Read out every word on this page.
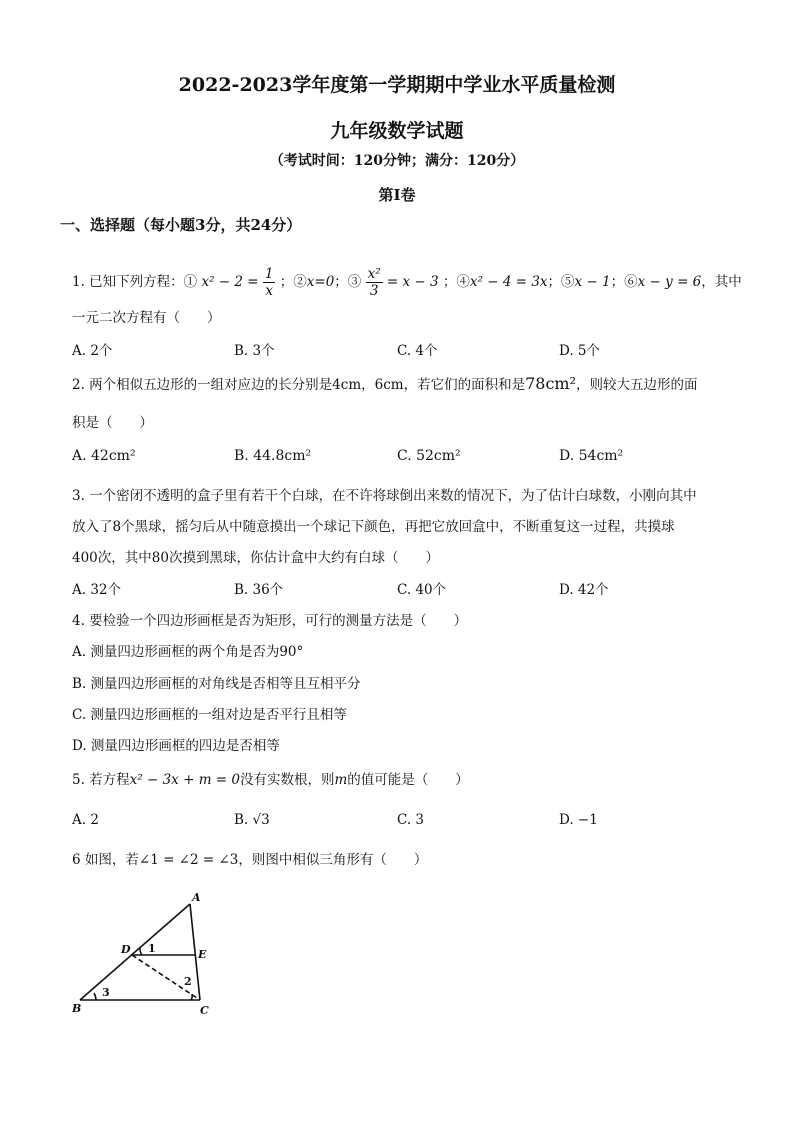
2022-2023学年度第一学期期中学业水平质量检测
九年级数学试题
（考试时间：120分钟；满分：120分）
第I卷
一、选择题（每小题3分，共24分）
1. 已知下列方程：① $x^2 - 2 = \frac{1}{x}$ ；②x=0；③ $\frac{\text{x²}}{3} = x - 3$ ；④x² − 4 = 3x；⑤x − 1；⑥x − y = 6，其中
一元二次方程有（　　）
A. 2个	B. 3个	C. 4个	D. 5个
2. 两个相似五边形的一组对应边的长分别是4cm，6cm，若它们的面积和是78cm²，则较大五边形的面
积是（　　）
A. 42cm²	B. 44.8cm²	C. 52cm²	D. 54cm²
3. 一个密闭不透明的盒子里有若干个白球，在不许将球倒出来数的情况下，为了估计白球数，小刚向其中
放入了8个黑球，摇匀后从中随意摸出一个球记下颜色，再把它放回盒中，不断重复这一过程，共摸球
400次，其中80次摸到黑球，你估计盒中大约有白球（　　）
A. 32个	B. 36个	C. 40个	D. 42个
4. 要检验一个四边形画框是否为矩形，可行的测量方法是（　　）
A. 测量四边形画框的两个角是否为90°
B. 测量四边形画框的对角线是否相等且互相平分
C. 测量四边形画框的一组对边是否平行且相等
D. 测量四边形画框的四边是否相等
5. 若方程x² − 3x + m = 0没有实数根，则m的值可能是（　　）
A. 2	B. √3	C. 3	D. −1
6 如图，若∠1 = ∠2 = ∠3，则图中相似三角形有（　　）
A
B	C
D	E
1
2
3
